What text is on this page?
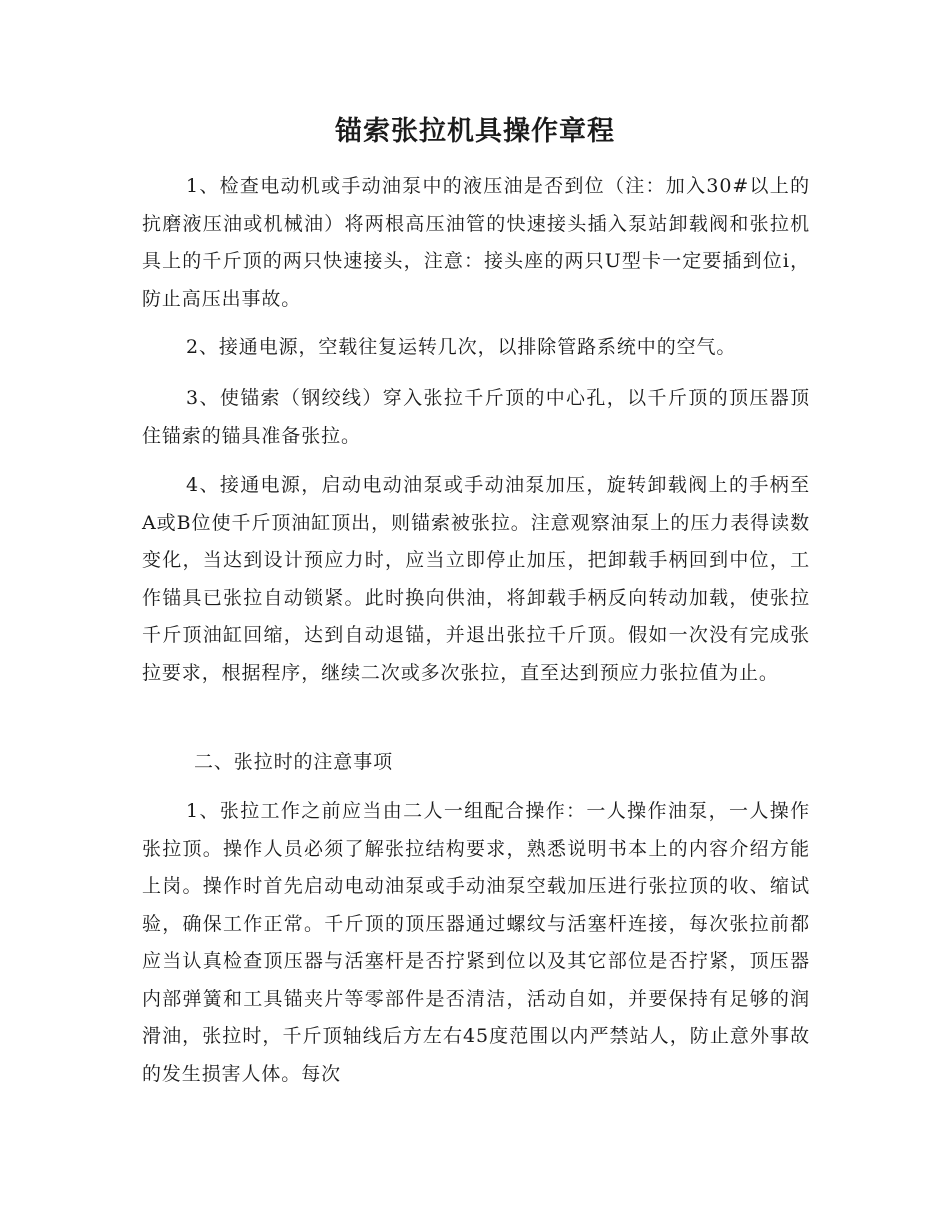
锚索张拉机具操作章程

1、检查电动机或手动油泵中的液压油是否到位（注：加入30#以上的抗磨液压油或机械油）将两根高压油管的快速接头插入泵站卸载阀和张拉机具上的千斤顶的两只快速接头，注意：接头座的两只U型卡一定要插到位i，防止高压出事故。

2、接通电源，空载往复运转几次，以排除管路系统中的空气。

3、使锚索（钢绞线）穿入张拉千斤顶的中心孔，以千斤顶的顶压器顶住锚索的锚具准备张拉。

4、接通电源，启动电动油泵或手动油泵加压，旋转卸载阀上的手柄至A或B位使千斤顶油缸顶出，则锚索被张拉。注意观察油泵上的压力表得读数变化，当达到设计预应力时，应当立即停止加压，把卸载手柄回到中位，工作锚具已张拉自动锁紧。此时换向供油，将卸载手柄反向转动加载，使张拉千斤顶油缸回缩，达到自动退锚，并退出张拉千斤顶。假如一次没有完成张拉要求，根据程序，继续二次或多次张拉，直至达到预应力张拉值为止。

二、张拉时的注意事项

1、张拉工作之前应当由二人一组配合操作：一人操作油泵，一人操作张拉顶。操作人员必须了解张拉结构要求，熟悉说明书本上的内容介绍方能上岗。操作时首先启动电动油泵或手动油泵空载加压进行张拉顶的收、缩试验，确保工作正常。千斤顶的顶压器通过螺纹与活塞杆连接，每次张拉前都应当认真检查顶压器与活塞杆是否拧紧到位以及其它部位是否拧紧，顶压器内部弹簧和工具锚夹片等零部件是否清洁，活动自如，并要保持有足够的润滑油，张拉时，千斤顶轴线后方左右45度范围以内严禁站人，防止意外事故的发生损害人体。每次
